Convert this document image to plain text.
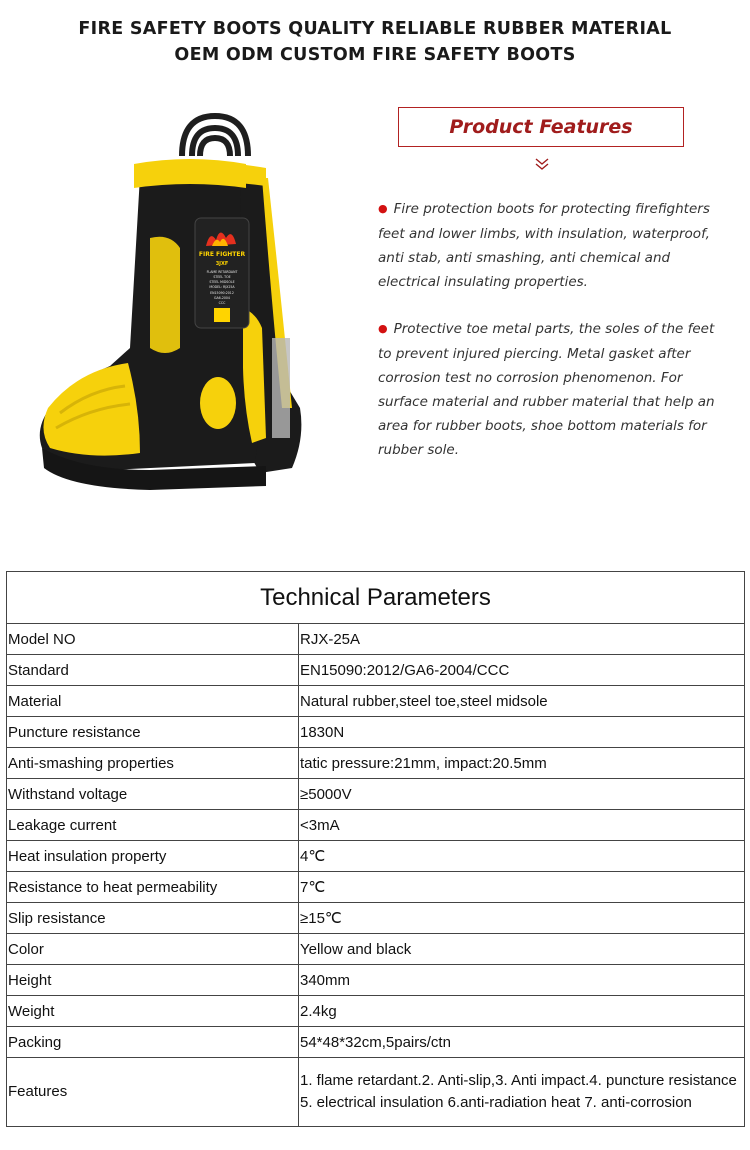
FIRE SAFETY BOOTS QUALITY RELIABLE RUBBER MATERIAL
OEM ODM CUSTOM FIRE SAFETY BOOTS
FIRE FIGHTER
3JXF
FLAME RETARDANT
STEEL TOE
STEEL MIDSOLE
MODEL: RJX25A
EN15090:2012
GA6-2004
CCC
Product Features
● Fire protection boots for protecting firefighters feet and lower limbs, with insulation, waterproof, anti stab, anti smashing, anti chemical and electrical insulating properties.
● Protective toe metal parts, the soles of the feet to prevent injured piercing. Metal gasket after corrosion test no corrosion phenomenon. For surface material and rubber material that help an area for rubber boots, shoe bottom materials for rubber sole.
Technical Parameters	
Model NO	RJX-25A
Standard	EN15090:2012/GA6-2004/CCC
Material	Natural rubber,steel toe,steel midsole
Puncture resistance	1830N
Anti-smashing properties	tatic pressure:21mm, impact:20.5mm
Withstand voltage	≥5000V
Leakage current	<3mA
Heat insulation property	4℃
Resistance to heat permeability	7℃
Slip resistance	≥15℃
Color	Yellow and black
Height	340mm
Weight	2.4kg
Packing	54*48*32cm,5pairs/ctn
Features	1. flame retardant.2. Anti-slip,3. Anti impact.4. puncture resistance 5. electrical insulation 6.anti-radiation heat 7. anti-corrosion
